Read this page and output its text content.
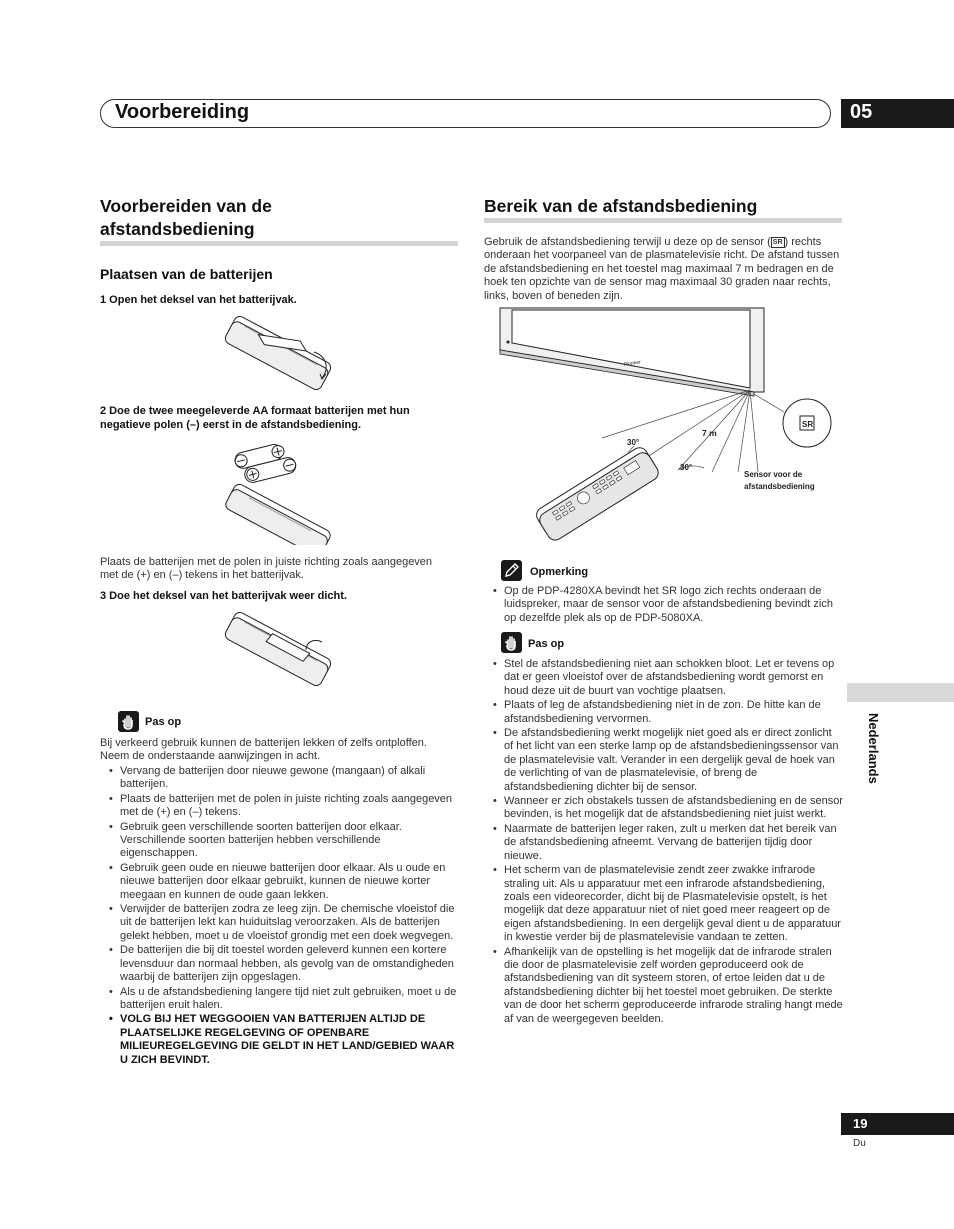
Voorbereiding	05
Voorbereiden van de
afstandsbediening
Plaatsen van de batterijen
1 Open het deksel van het batterijvak.
2 Doe de twee meegeleverde AA formaat batterijen met hun
negatieve polen (–) eerst in de afstandsbediening.
Plaats de batterijen met de polen in juiste richting zoals aangegeven
met de (+) en (–) tekens in het batterijvak.
3 Doe het deksel van het batterijvak weer dicht.
Pas op
Bij verkeerd gebruik kunnen de batterijen lekken of zelfs ontploffen.
Neem de onderstaande aanwijzingen in acht.
• Vervang de batterijen door nieuwe gewone (mangaan) of alkali batterijen.
• Plaats de batterijen met de polen in juiste richting zoals aangegeven met de (+) en (–) tekens.
• Gebruik geen verschillende soorten batterijen door elkaar. Verschillende soorten batterijen hebben verschillende eigenschappen.
• Gebruik geen oude en nieuwe batterijen door elkaar. Als u oude en nieuwe batterijen door elkaar gebruikt, kunnen de nieuwe korter meegaan en kunnen de oude gaan lekken.
• Verwijder de batterijen zodra ze leeg zijn. De chemische vloeistof die uit de batterijen lekt kan huiduitslag veroorzaken. Als de batterijen gelekt hebben, moet u de vloeistof grondig met een doek wegvegen.
• De batterijen die bij dit toestel worden geleverd kunnen een kortere levensduur dan normaal hebben, als gevolg van de omstandigheden waarbij de batterijen zijn opgeslagen.
• Als u de afstandsbediening langere tijd niet zult gebruiken, moet u de batterijen eruit halen.
• VOLG BIJ HET WEGGOOIEN VAN BATTERIJEN ALTIJD DE PLAATSELIJKE REGELGEVING OF OPENBARE MILIEUREGELGEVING DIE GELDT IN HET LAND/GEBIED WAAR U ZICH BEVINDT.
Bereik van de afstandsbediening
Gebruik de afstandsbediening terwijl u deze op de sensor ( SR ) rechts onderaan het voorpaneel van de plasmatelevisie richt. De afstand tussen de afstandsbediening en het toestel mag maximaal 7 m bedragen en de hoek ten opzichte van de sensor mag maximaal 30 graden naar rechts, links, boven of beneden zijn.
Pioneer
SR
7 m
30°
30°
Sensor voor de
afstandsbediening
Opmerking
• Op de PDP-4280XA bevindt het SR logo zich rechts onderaan de luidspreker, maar de sensor voor de afstandsbediening bevindt zich op dezelfde plek als op de PDP-5080XA.
Pas op
• Stel de afstandsbediening niet aan schokken bloot. Let er tevens op dat er geen vloeistof over de afstandsbediening wordt gemorst en houd deze uit de buurt van vochtige plaatsen.
• Plaats of leg de afstandsbediening niet in de zon. De hitte kan de afstandsbediening vervormen.
• De afstandsbediening werkt mogelijk niet goed als er direct zonlicht of het licht van een sterke lamp op de afstandsbedieningssensor van de plasmatelevisie valt. Verander in een dergelijk geval de hoek van de verlichting of van de plasmatelevisie, of breng de afstandsbediening dichter bij de sensor.
• Wanneer er zich obstakels tussen de afstandsbediening en de sensor bevinden, is het mogelijk dat de afstandsbediening niet juist werkt.
• Naarmate de batterijen leger raken, zult u merken dat het bereik van de afstandsbediening afneemt. Vervang de batterijen tijdig door nieuwe.
• Het scherm van de plasmatelevisie zendt zeer zwakke infrarode straling uit. Als u apparatuur met een infrarode afstandsbediening, zoals een videorecorder, dicht bij de Plasmatelevisie opstelt, is het mogelijk dat deze apparatuur niet of niet goed meer reageert op de eigen afstandsbediening. In een dergelijk geval dient u de apparatuur in kwestie verder bij de plasmatelevisie vandaan te zetten.
• Afhankelijk van de opstelling is het mogelijk dat de infrarode stralen die door de plasmatelevisie zelf worden geproduceerd ook de afstandsbediening van dit systeem storen, of ertoe leiden dat u de afstandsbediening dichter bij het toestel moet gebruiken. De sterkte van de door het scherm geproduceerde infrarode straling hangt mede af van de weergegeven beelden.
Nederlands
19
Du
